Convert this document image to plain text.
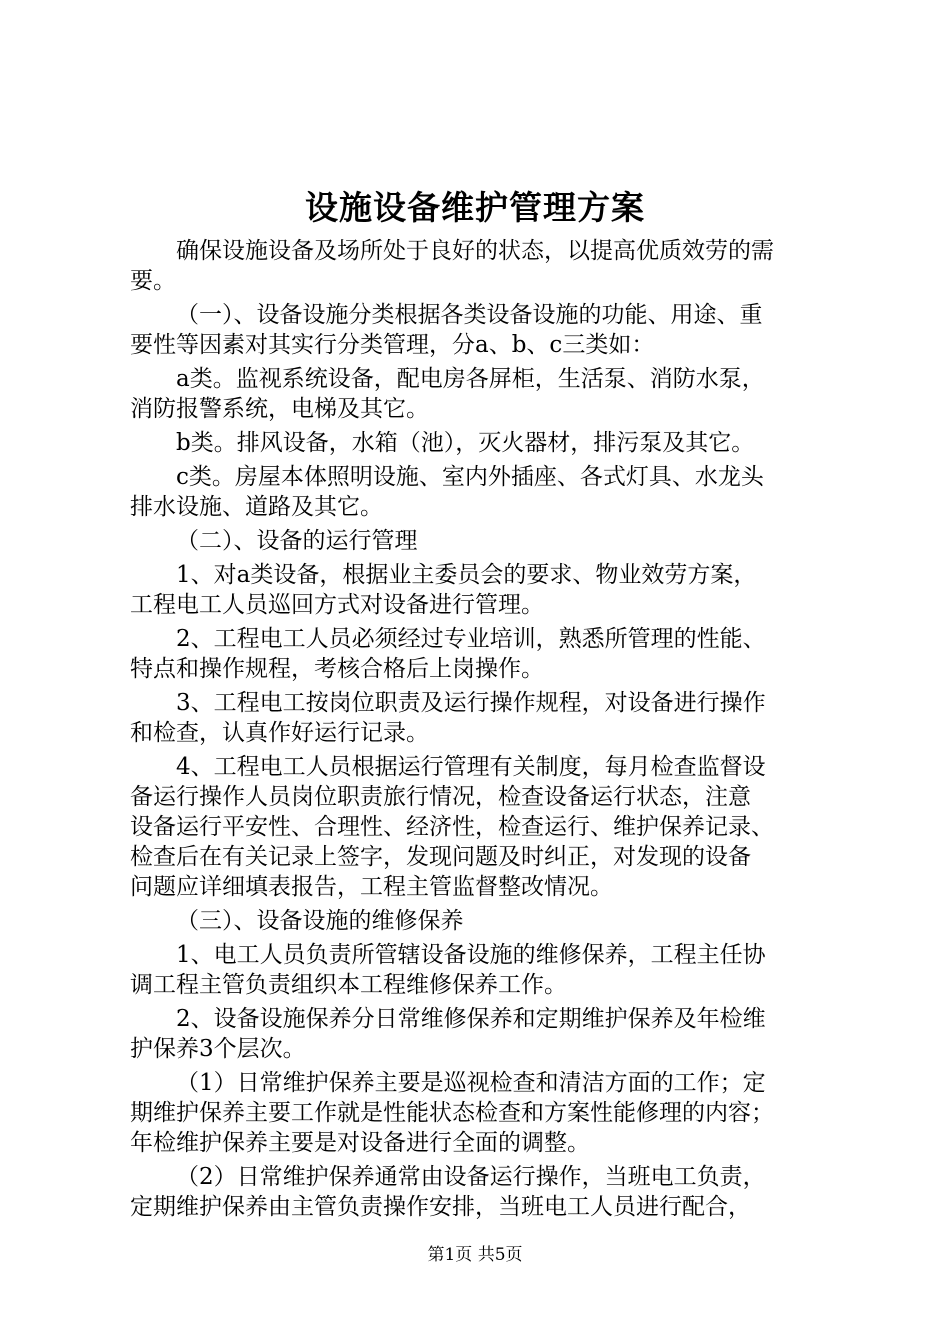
设施设备维护管理方案
确保设施设备及场所处于良好的状态，以提高优质效劳的需
要。
（一）、设备设施分类根据各类设备设施的功能、用途、重
要性等因素对其实行分类管理，分a、b、c三类如：
a类。监视系统设备，配电房各屏柜，生活泵、消防水泵，
消防报警系统，电梯及其它。
b类。排风设备，水箱（池），灭火器材，排污泵及其它。
c类。房屋本体照明设施、室内外插座、各式灯具、水龙头
排水设施、道路及其它。
（二）、设备的运行管理
1、对a类设备，根据业主委员会的要求、物业效劳方案，
工程电工人员巡回方式对设备进行管理。
2、工程电工人员必须经过专业培训，熟悉所管理的性能、
特点和操作规程，考核合格后上岗操作。
3、工程电工按岗位职责及运行操作规程，对设备进行操作
和检查，认真作好运行记录。
4、工程电工人员根据运行管理有关制度，每月检查监督设
备运行操作人员岗位职责旅行情况，检查设备运行状态，注意
设备运行平安性、合理性、经济性，检查运行、维护保养记录、
检查后在有关记录上签字，发现问题及时纠正，对发现的设备
问题应详细填表报告，工程主管监督整改情况。
（三）、设备设施的维修保养
1、电工人员负责所管辖设备设施的维修保养，工程主任协
调工程主管负责组织本工程维修保养工作。
2、设备设施保养分日常维修保养和定期维护保养及年检维
护保养3个层次。
（1）日常维护保养主要是巡视检查和清洁方面的工作；定
期维护保养主要工作就是性能状态检查和方案性能修理的内容；
年检维护保养主要是对设备进行全面的调整。
（2）日常维护保养通常由设备运行操作，当班电工负责，
定期维护保养由主管负责操作安排，当班电工人员进行配合，
第1页 共5页
